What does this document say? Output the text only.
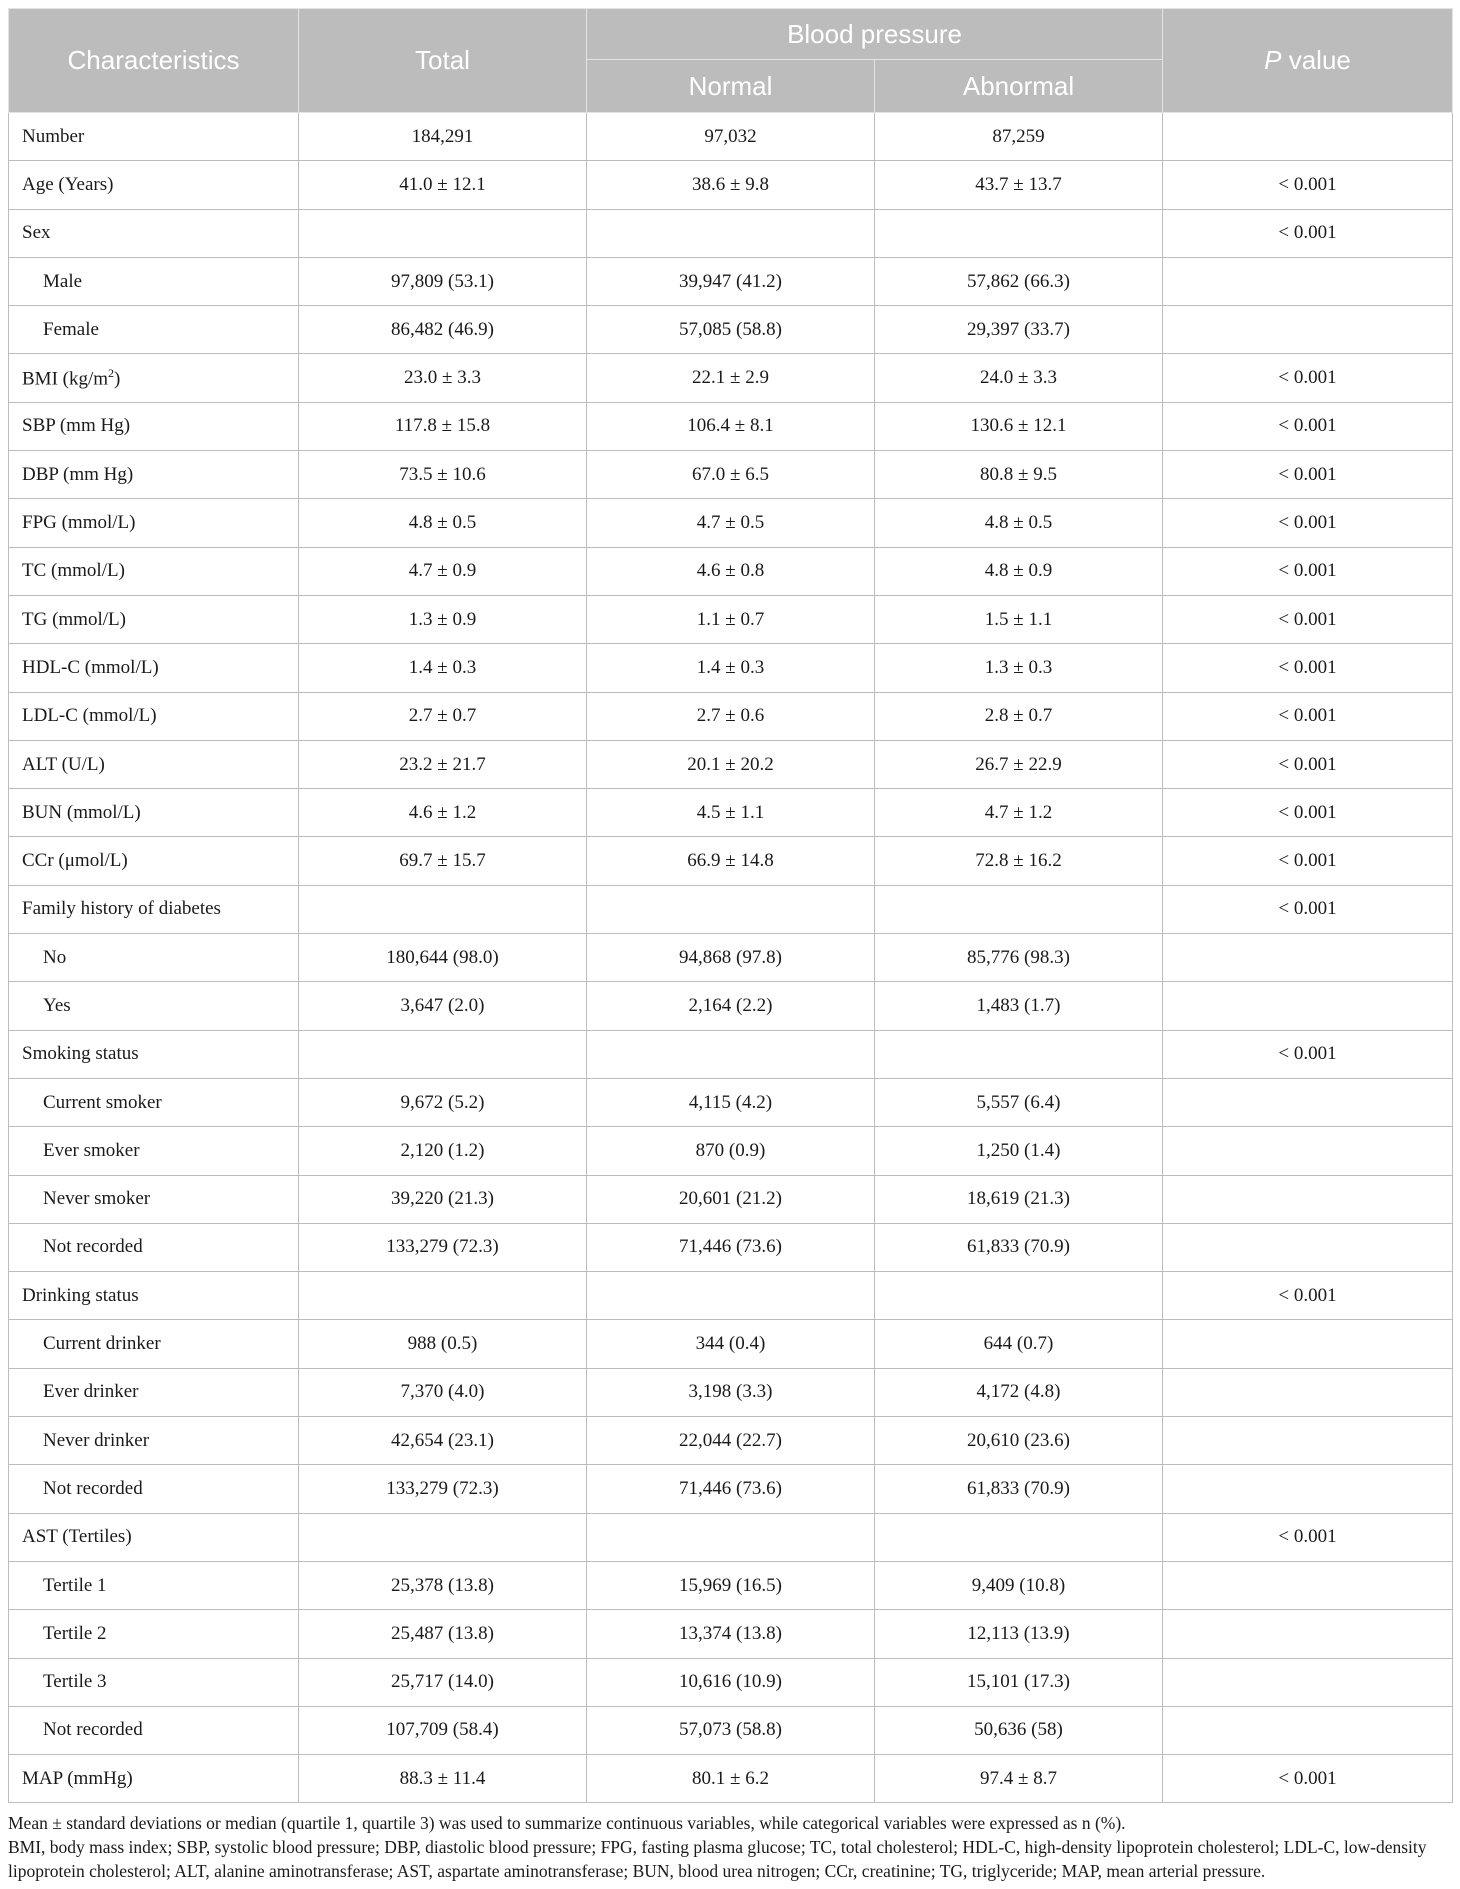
Characteristics	Total	Blood pressure		P value
		Normal	Abnormal	
Number	184,291	97,032	87,259	
Age (Years)	41.0 ± 12.1	38.6 ± 9.8	43.7 ± 13.7	< 0.001
Sex				< 0.001
Male	97,809 (53.1)	39,947 (41.2)	57,862 (66.3)	
Female	86,482 (46.9)	57,085 (58.8)	29,397 (33.7)	
BMI $(kg/m^2)$	23.0 ± 3.3	22.1 ± 2.9	24.0 ± 3.3	< 0.001
SBP (mm Hg)	117.8 ± 15.8	106.4 ± 8.1	130.6 ± 12.1	< 0.001
DBP (mm Hg)	73.5 ± 10.6	67.0 ± 6.5	80.8 ± 9.5	< 0.001
FPG (mmol/L)	4.8 ± 0.5	4.7 ± 0.5	4.8 ± 0.5	< 0.001
TC (mmol/L)	4.7 ± 0.9	4.6 ± 0.8	4.8 ± 0.9	< 0.001
TG (mmol/L)	1.3 ± 0.9	1.1 ± 0.7	1.5 ± 1.1	< 0.001
HDL-C (mmol/L)	1.4 ± 0.3	1.4 ± 0.3	1.3 ± 0.3	< 0.001
LDL-C (mmol/L)	2.7 ± 0.7	2.7 ± 0.6	2.8 ± 0.7	< 0.001
ALT (U/L)	23.2 ± 21.7	20.1 ± 20.2	26.7 ± 22.9	< 0.001
BUN (mmol/L)	4.6 ± 1.2	4.5 ± 1.1	4.7 ± 1.2	< 0.001
CCr (μmol/L)	69.7 ± 15.7	66.9 ± 14.8	72.8 ± 16.2	< 0.001
Family history of diabetes				< 0.001
No	180,644 (98.0)	94,868 (97.8)	85,776 (98.3)	
Yes	3,647 (2.0)	2,164 (2.2)	1,483 (1.7)	
Smoking status				< 0.001
Current smoker	9,672 (5.2)	4,115 (4.2)	5,557 (6.4)	
Ever smoker	2,120 (1.2)	870 (0.9)	1,250 (1.4)	
Never smoker	39,220 (21.3)	20,601 (21.2)	18,619 (21.3)	
Not recorded	133,279 (72.3)	71,446 (73.6)	61,833 (70.9)	
Drinking status				< 0.001
Current drinker	988 (0.5)	344 (0.4)	644 (0.7)	
Ever drinker	7,370 (4.0)	3,198 (3.3)	4,172 (4.8)	
Never drinker	42,654 (23.1)	22,044 (22.7)	20,610 (23.6)	
Not recorded	133,279 (72.3)	71,446 (73.6)	61,833 (70.9)	
AST (Tertiles)				< 0.001
Tertile 1	25,378 (13.8)	15,969 (16.5)	9,409 (10.8)	
Tertile 2	25,487 (13.8)	13,374 (13.8)	12,113 (13.9)	
Tertile 3	25,717 (14.0)	10,616 (10.9)	15,101 (17.3)	
Not recorded	107,709 (58.4)	57,073 (58.8)	50,636 (58)	
MAP (mmHg)	88.3 ± 11.4	80.1 ± 6.2	97.4 ± 8.7	< 0.001

Mean ± standard deviations or median (quartile 1, quartile 3) was used to summarize continuous variables, while categorical variables were expressed as n (%).

BMI, body mass index; SBP, systolic blood pressure; DBP, diastolic blood pressure; FPG, fasting plasma glucose; TC, total cholesterol; HDL-C, high-density lipoprotein cholesterol; LDL-C, low-density lipoprotein cholesterol; ALT, alanine aminotransferase; AST, aspartate aminotransferase; BUN, blood urea nitrogen; CCr, creatinine; TG, triglyceride; MAP, mean arterial pressure.
